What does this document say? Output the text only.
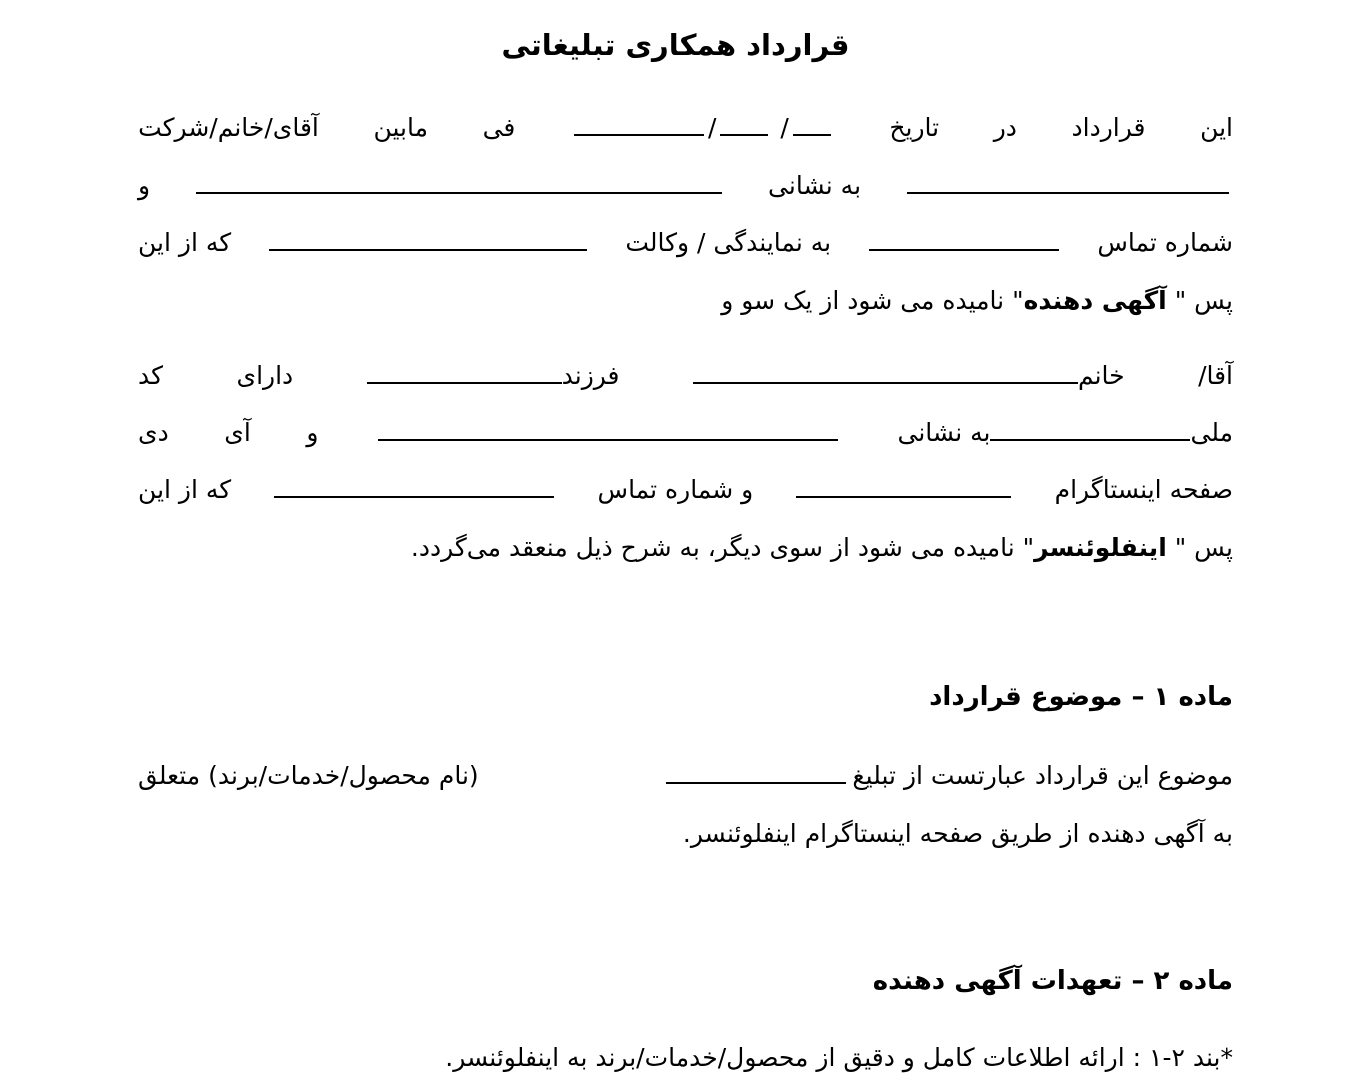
قرارداد همکاری تبلیغاتی
این
قرارداد
در
تاریخ
/ /
فی
مابین
آقای/خانم/شرکت
به نشانی
و
شماره تماس
به نمایندگی / وکالت
که از این
پس "

آگهی دهنده
" نامیده می شود از یک سو و
آقا/
خانم
فرزند
دارای
کد
ملی
به نشانی
و
آی
دی
صفحه اینستاگرام
و شماره تماس
که از این
پس "

اینفلوئنسر
" نامیده می شود از سوی دیگر، به شرح ذیل منعقد می‌گردد.
ماده ۱ – موضوع قرارداد
موضوع این قرارداد عبارتست از تبلیغ
(نام محصول/خدمات/برند) متعلق
به آگهی دهنده از طریق صفحه اینستاگرام اینفلوئنسر.
ماده ۲ – تعهدات آگهی دهنده
*بند ۲-۱ : ارائه اطلاعات کامل و دقیق از محصول/خدمات/برند به اینفلوئنسر.
